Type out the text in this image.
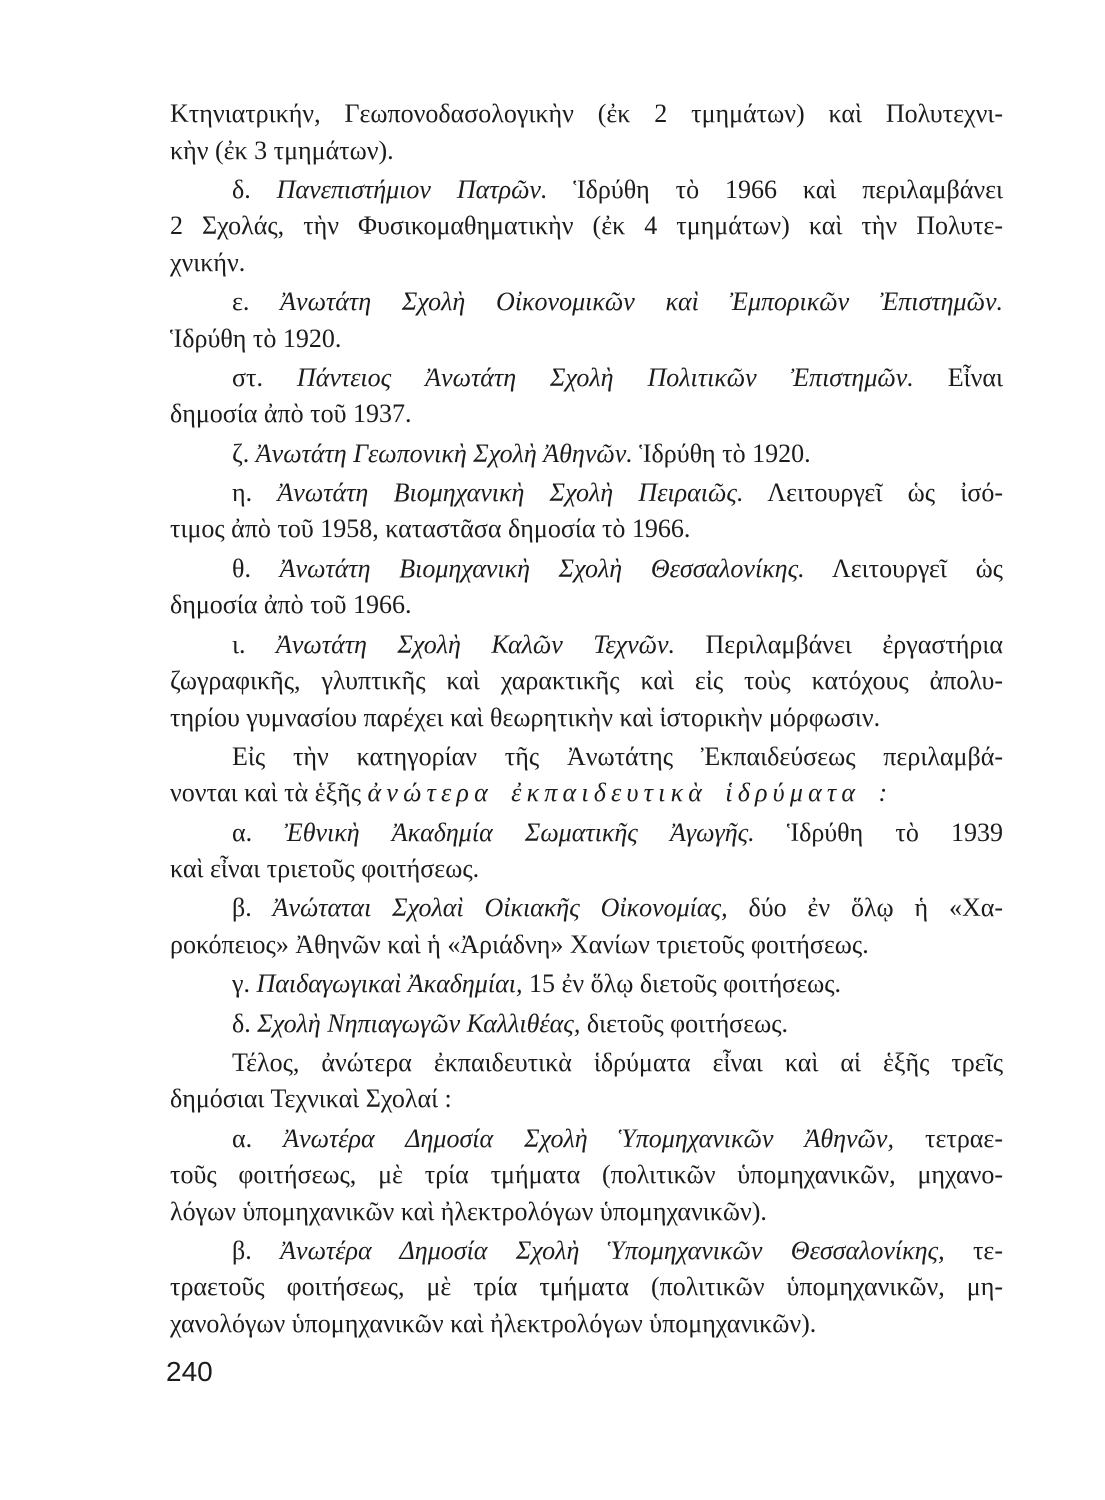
Κτηνιατρικήν, Γεωπονοδασολογικὴν (ἐκ 2 τμημάτων) καὶ Πολυτεχνι-
κὴν (ἐκ 3 τμημάτων).
δ. Πανεπιστήμιον Πατρῶν. Ἱδρύθη τὸ 1966 καὶ περιλαμβάνει
2 Σχολάς, τὴν Φυσικομαθηματικὴν (ἐκ 4 τμημάτων) καὶ τὴν Πολυτε-
χνικήν.
ε. Ἀνωτάτη Σχολὴ Οἰκονομικῶν καὶ Ἐμπορικῶν Ἐπιστημῶν.
Ἱδρύθη τὸ 1920.
στ. Πάντειος Ἀνωτάτη Σχολὴ Πολιτικῶν Ἐπιστημῶν. Εἶναι
δημοσία ἀπὸ τοῦ 1937.
ζ. Ἀνωτάτη Γεωπονικὴ Σχολὴ Ἀθηνῶν. Ἱδρύθη τὸ 1920.
η. Ἀνωτάτη Βιομηχανικὴ Σχολὴ Πειραιῶς. Λειτουργεῖ ὡς ἰσό-
τιμος ἀπὸ τοῦ 1958, καταστᾶσα δημοσία τὸ 1966.
θ. Ἀνωτάτη Βιομηχανικὴ Σχολὴ Θεσσαλονίκης. Λειτουργεῖ ὡς
δημοσία ἀπὸ τοῦ 1966.
ι. Ἀνωτάτη Σχολὴ Καλῶν Τεχνῶν. Περιλαμβάνει ἐργαστήρια
ζωγραφικῆς, γλυπτικῆς καὶ χαρακτικῆς καὶ εἰς τοὺς κατόχους ἀπολυ-
τηρίου γυμνασίου παρέχει καὶ θεωρητικὴν καὶ ἱστορικὴν μόρφωσιν.
Εἰς τὴν κατηγορίαν τῆς Ἀνωτάτης Ἐκπαιδεύσεως περιλαμβά-
νονται καὶ τὰ ἑξῆς ἀνώτερα ἐκπαιδευτικὰ ἱδρύματα :
α. Ἐθνικὴ Ἀκαδημία Σωματικῆς Ἀγωγῆς. Ἱδρύθη τὸ 1939
καὶ εἶναι τριετοῦς φοιτήσεως.
β. Ἀνώταται Σχολαὶ Οἰκιακῆς Οἰκονομίας, δύο ἐν ὅλῳ ἡ «Χα-
ροκόπειος» Ἀθηνῶν καὶ ἡ «Ἀριάδνη» Χανίων τριετοῦς φοιτήσεως.
γ. Παιδαγωγικαὶ Ἀκαδημίαι, 15 ἐν ὅλῳ διετοῦς φοιτήσεως.
δ. Σχολὴ Νηπιαγωγῶν Καλλιθέας, διετοῦς φοιτήσεως.
Τέλος, ἀνώτερα ἐκπαιδευτικὰ ἱδρύματα εἶναι καὶ αἱ ἑξῆς τρεῖς
δημόσιαι Τεχνικαὶ Σχολαί :
α. Ἀνωτέρα Δημοσία Σχολὴ Ὑπομηχανικῶν Ἀθηνῶν, τετραε-
τοῦς φοιτήσεως, μὲ τρία τμήματα (πολιτικῶν ὑπομηχανικῶν, μηχανο-
λόγων ὑπομηχανικῶν καὶ ἠλεκτρολόγων ὑπομηχανικῶν).
β. Ἀνωτέρα Δημοσία Σχολὴ Ὑπομηχανικῶν Θεσσαλονίκης, τε-
τραετοῦς φοιτήσεως, μὲ τρία τμήματα (πολιτικῶν ὑπομηχανικῶν, μη-
χανολόγων ὑπομηχανικῶν καὶ ἠλεκτρολόγων ὑπομηχανικῶν).
240
